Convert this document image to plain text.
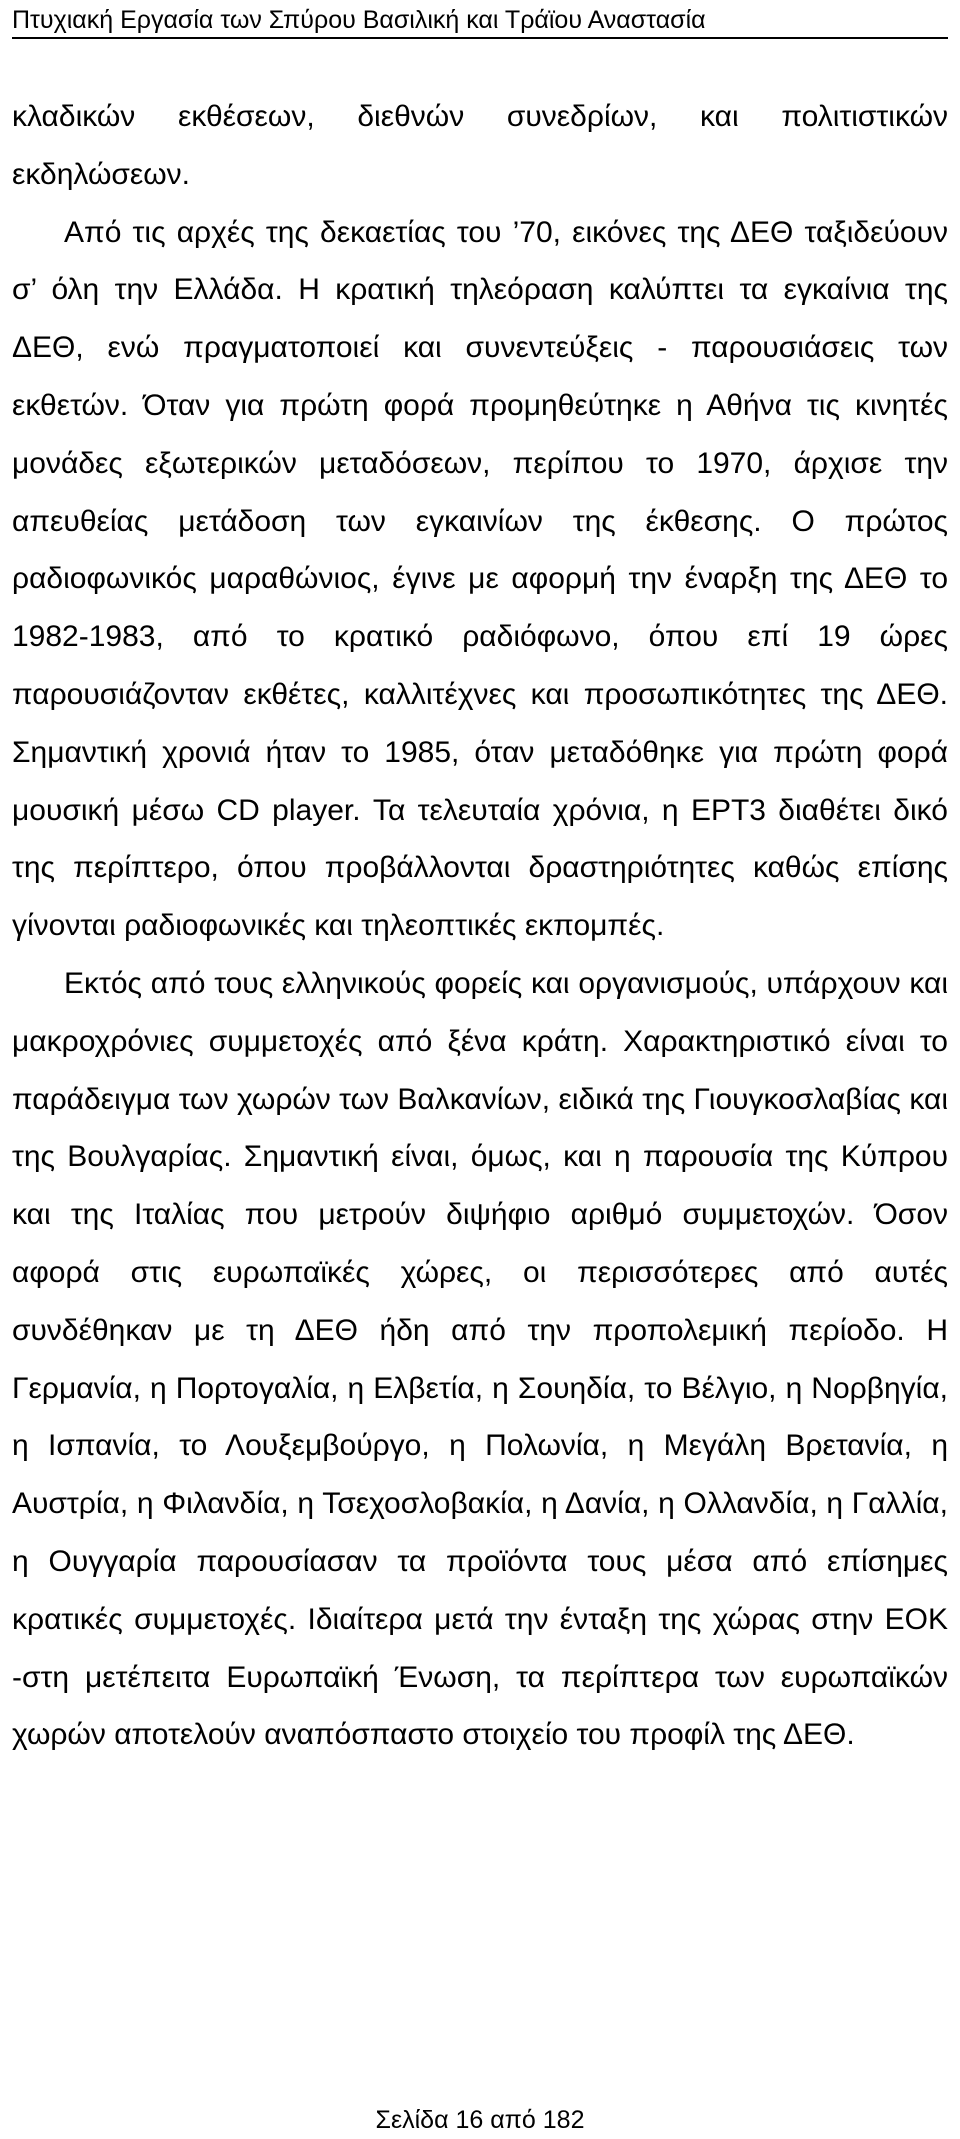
Πτυχιακή Εργασία των Σπύρου Βασιλική και Τράϊου Αναστασία

κλαδικών εκθέσεων, διεθνών συνεδρίων, και πολιτιστικών εκδηλώσεων.

Από τις αρχές της δεκαετίας του ’70, εικόνες της ΔΕΘ ταξιδεύουν σ’ όλη την Ελλάδα. Η κρατική τηλεόραση καλύπτει τα εγκαίνια της ΔΕΘ, ενώ πραγματοποιεί και συνεντεύξεις - παρουσιάσεις των εκθετών. Όταν για πρώτη φορά προμηθεύτηκε η Αθήνα τις κινητές μονάδες εξωτερικών μεταδόσεων, περίπου το 1970, άρχισε την απευθείας μετάδοση των εγκαινίων της έκθεσης. Ο πρώτος ραδιοφωνικός μαραθώνιος, έγινε με αφορμή την έναρξη της ΔΕΘ το 1982-1983, από το κρατικό ραδιόφωνο, όπου επί 19 ώρες παρουσιάζονταν εκθέτες, καλλιτέχνες και προσωπικότητες της ΔΕΘ. Σημαντική χρονιά ήταν το 1985, όταν μεταδόθηκε για πρώτη φορά μουσική μέσω CD player. Τα τελευταία χρόνια, η ΕΡΤ3 διαθέτει δικό της περίπτερο, όπου προβάλλονται δραστηριότητες καθώς επίσης γίνονται ραδιοφωνικές και τηλεοπτικές εκπομπές.

Εκτός από τους ελληνικούς φορείς και οργανισμούς, υπάρχουν και μακροχρόνιες συμμετοχές από ξένα κράτη. Χαρακτηριστικό είναι το παράδειγμα των χωρών των Βαλκανίων, ειδικά της Γιουγκοσλαβίας και της Βουλγαρίας. Σημαντική είναι, όμως, και η παρουσία της Κύπρου και της Ιταλίας που μετρούν διψήφιο αριθμό συμμετοχών. Όσον αφορά στις ευρωπαϊκές χώρες, οι περισσότερες από αυτές συνδέθηκαν με τη ΔΕΘ ήδη από την προπολεμική περίοδο. Η Γερμανία, η Πορτογαλία, η Ελβετία, η Σουηδία, το Βέλγιο, η Νορβηγία, η Ισπανία, το Λουξεμβούργο, η Πολωνία, η Μεγάλη Βρετανία, η Αυστρία, η Φιλανδία, η Τσεχοσλοβακία, η Δανία, η Ολλανδία, η Γαλλία, η Ουγγαρία παρουσίασαν τα προϊόντα τους μέσα από επίσημες κρατικές συμμετοχές. Ιδιαίτερα μετά την ένταξη της χώρας στην ΕΟΚ -στη μετέπειτα Ευρωπαϊκή Ένωση, τα περίπτερα των ευρωπαϊκών χωρών αποτελούν αναπόσπαστο στοιχείο του προφίλ της ΔΕΘ.

Σελίδα 16 από 182
